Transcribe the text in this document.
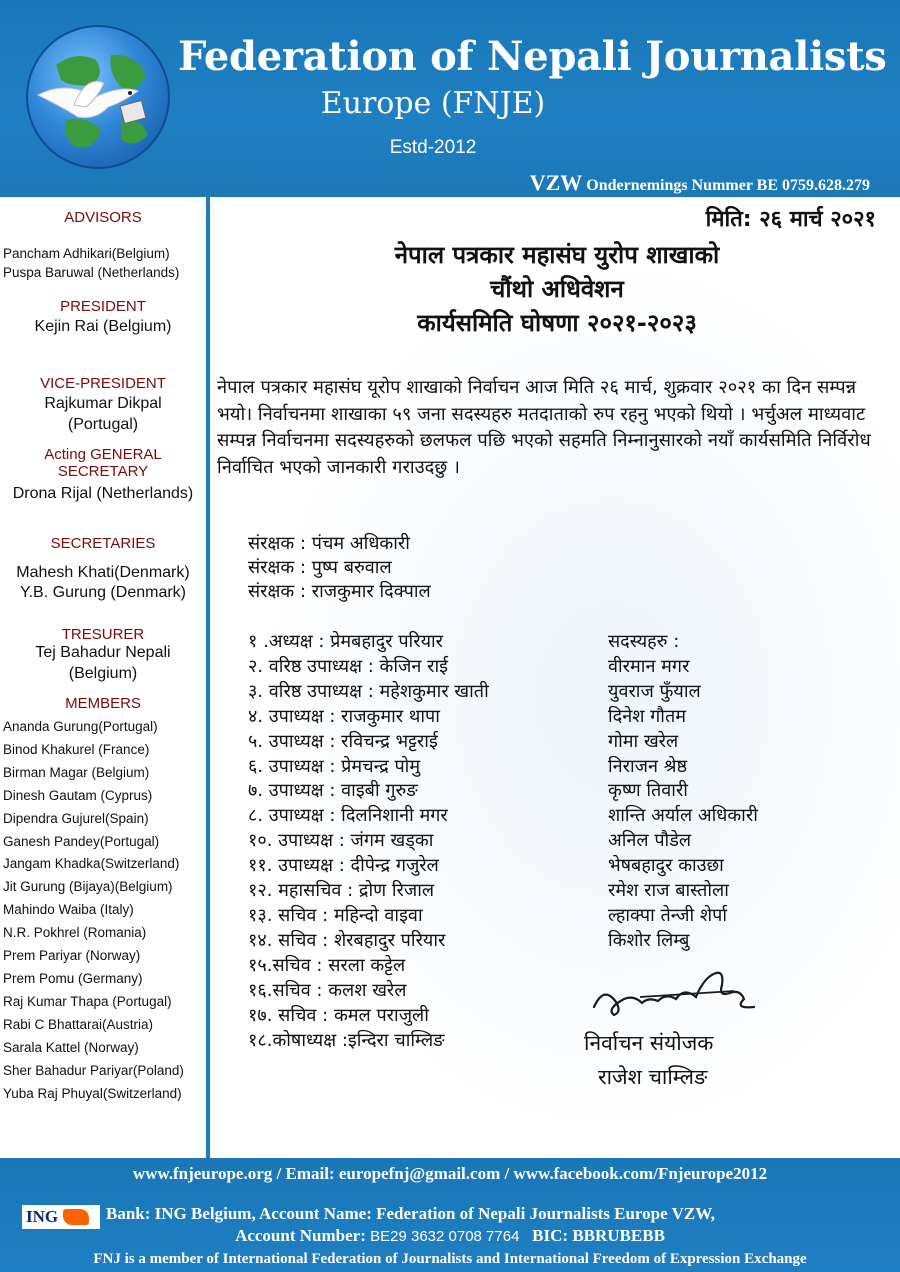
Federation of Nepali Journalists
Europe (FNJE)
Estd-2012
VZW Ondernemings Nummer BE 0759.628.279
ADVISORS
Pancham Adhikari(Belgium)
Puspa Baruwal (Netherlands)
PRESIDENT
Kejin Rai (Belgium)
VICE-PRESIDENT
Rajkumar Dikpal
(Portugal)
Acting GENERAL
SECRETARY
Drona Rijal (Netherlands)
SECRETARIES
Mahesh Khati(Denmark)
Y.B. Gurung (Denmark)
TRESURER
Tej Bahadur Nepali
(Belgium)
MEMBERS
Ananda Gurung(Portugal)
Binod Khakurel (France)
Birman Magar (Belgium)
Dinesh Gautam (Cyprus)
Dipendra Gujurel(Spain)
Ganesh Pandey(Portugal)
Jangam Khadka(Switzerland)
Jit Gurung (Bijaya)(Belgium)
Mahindo Waiba (Italy)
N.R. Pokhrel (Romania)
Prem Pariyar (Norway)
Prem Pomu (Germany)
Raj Kumar Thapa (Portugal)
Rabi C Bhattarai(Austria)
Sarala Kattel (Norway)
Sher Bahadur Pariyar(Poland)
Yuba Raj Phuyal(Switzerland)
मिति: २६ मार्च २०२१
नेपाल पत्रकार महासंघ युरोप शाखाको
चौंथो अधिवेशन
कार्यसमिति घोषणा २०२१-२०२३
नेपाल पत्रकार महासंघ यूरोप शाखाको निर्वाचन आज मिति २६ मार्च, शुक्रवार २०२१ का दिन सम्पन्न भयो। निर्वाचनमा शाखाका ५९ जना सदस्यहरु मतदाताको रुप रहनु भएको थियो । भर्चुअल माध्यवाट सम्पन्न निर्वाचनमा सदस्यहरुको छलफल पछि भएको सहमति निम्नानुसारको नयाँ कार्यसमिति निर्विरोध निर्वाचित भएको जानकारी गराउदछु ।
संरक्षक : पंचम अधिकारी
संरक्षक : पुष्प बरुवाल
संरक्षक : राजकुमार दिक्पाल
१ .अध्यक्ष : प्रेमबहादुर परियार
२. वरिष्ठ उपाध्यक्ष : केजिन राई
३. वरिष्ठ उपाध्यक्ष : महेशकुमार खाती
४. उपाध्यक्ष : राजकुमार थापा
५. उपाध्यक्ष : रविचन्द्र भट्टराई
६. उपाध्यक्ष : प्रेमचन्द्र पोमु
७. उपाध्यक्ष : वाइबी गुरुङ
८. उपाध्यक्ष : दिलनिशानी मगर
१०. उपाध्यक्ष : जंगम खड्का
११. उपाध्यक्ष : दीपेन्द्र गजुरेल
१२. महासचिव : द्रोण रिजाल
१३. सचिव : महिन्दो वाइवा
१४. सचिव : शेरबहादुर परियार
१५.सचिव : सरला कट्टेल
१६.सचिव : कलश खरेल
१७. सचिव : कमल पराजुली
१८.कोषाध्यक्ष :इन्दिरा चाम्लिङ
सदस्यहरु :
वीरमान मगर
युवराज फुँयाल
दिनेश गौतम
गोमा खरेल
निराजन श्रेष्ठ
कृष्ण तिवारी
शान्ति अर्याल अधिकारी
अनिल पौडेल
भेषबहादुर काउछा
रमेश राज बास्तोला
ल्हाक्पा तेन्जी शेर्पा
किशोर लिम्बु
निर्वाचन संयोजक
राजेश चाम्लिङ
www.fnjeurope.org / Email: europefnj@gmail.com / www.facebook.com/Fnjeurope2012
ING	Bank: ING Belgium, Account Name: Federation of Nepali Journalists Europe VZW,
Account Number: BE29 3632 0708 7764 BIC: BBRUBEBB
FNJ is a member of International Federation of Journalists and International Freedom of Expression Exchange
